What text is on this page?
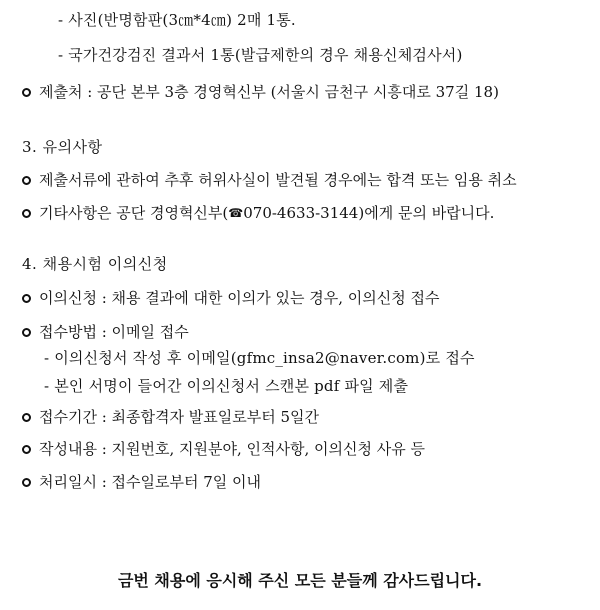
- 사진(반명함판(3㎝*4㎝) 2매 1통.
- 국가건강검진 결과서 1통(발급제한의 경우 채용신체검사서)
제출처 : 공단 본부 3층 경영혁신부 (서울시 금천구 시흥대로 37길 18)
3. 유의사항
제출서류에 관하여 추후 허위사실이 발견될 경우에는 합격 또는 임용 취소
기타사항은 공단 경영혁신부(☎070-4633-3144)에게 문의 바랍니다.
4. 채용시험 이의신청
이의신청 : 채용 결과에 대한 이의가 있는 경우, 이의신청 접수
접수방법 : 이메일 접수
- 이의신청서 작성 후 이메일(gfmc_insa2@naver.com)로 접수
- 본인 서명이 들어간 이의신청서 스캔본 pdf 파일 제출
접수기간 : 최종합격자 발표일로부터 5일간
작성내용 : 지원번호, 지원분야, 인적사항, 이의신청 사유 등
처리일시 : 접수일로부터 7일 이내
금번 채용에 응시해 주신 모든 분들께 감사드립니다.
